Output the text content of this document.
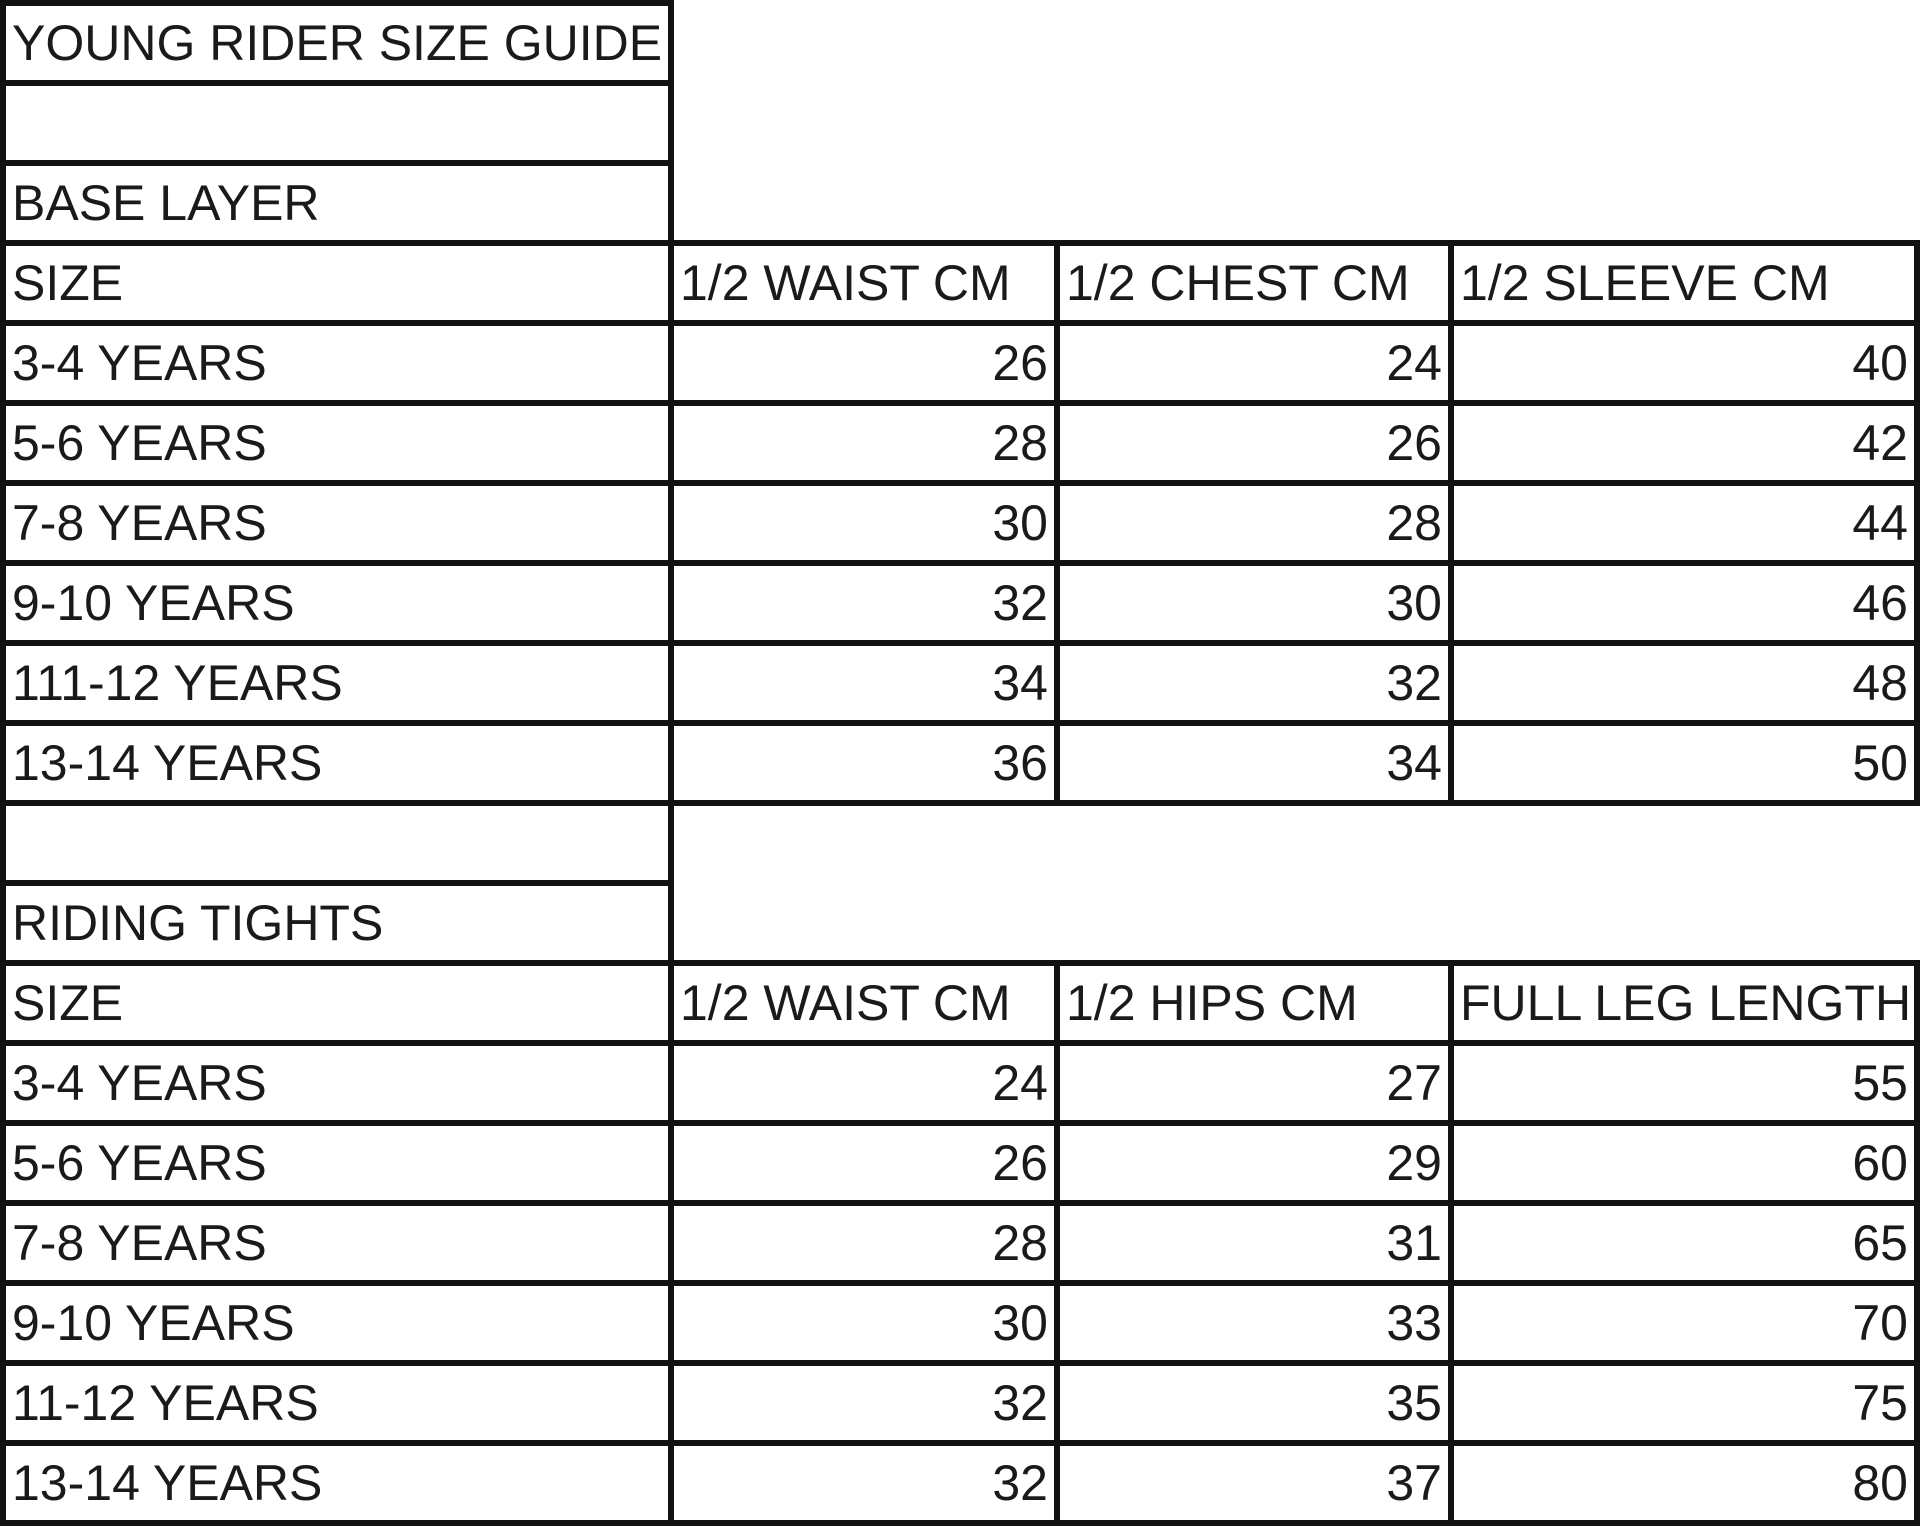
YOUNG RIDER SIZE GUIDE
BASE LAYER
SIZE	1/2 WAIST CM	1/2 CHEST CM	1/2 SLEEVE CM
3-4 YEARS	26	24	40
5-6 YEARS	28	26	42
7-8 YEARS	30	28	44
9-10 YEARS	32	30	46
111-12 YEARS	34	32	48
13-14 YEARS	36	34	50
RIDING TIGHTS
SIZE	1/2 WAIST CM	1/2 HIPS CM	FULL LEG LENGTH
3-4 YEARS	24	27	55
5-6 YEARS	26	29	60
7-8 YEARS	28	31	65
9-10 YEARS	30	33	70
11-12 YEARS	32	35	75
13-14 YEARS	32	37	80
